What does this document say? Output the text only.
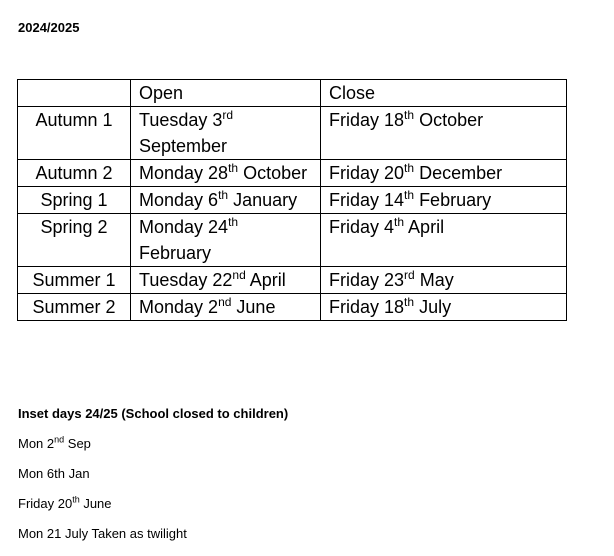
2024/2025
	Open	Close
Autumn 1	Tuesday 3rd September	Friday 18th October
Autumn 2	Monday 28th October	Friday 20th December
Spring 1	Monday 6th January	Friday 14th February
Spring 2	Monday 24th February	Friday 4th April
Summer 1	Tuesday 22nd April	Friday 23rd May
Summer 2	Monday 2nd June	Friday 18th July
Inset days 24/25 (School closed to children)
Mon 2nd Sep
Mon 6th Jan
Friday 20th June
Mon 21 July Taken as twilight
